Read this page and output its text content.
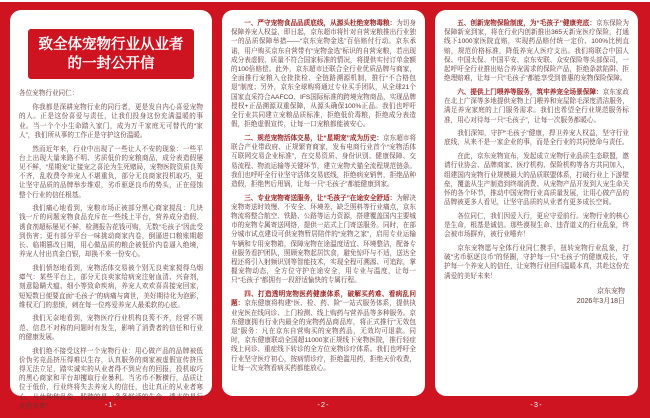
致全体宠物行业从业者
的一封公开信

各位宠物行业同仁：

你我都是深耕宠物行业的同行者，更是发自内心喜爱宠物的人。正是这份喜爱与责任，让我们投身这份充满温暖的事业。当一个个小生命踏入家门，成为万千家庭无可替代的“家人”，我们所从事的工作正是守护这份温暖。

然而近年来，行业中出现了一些让人不安的现象：一些平台上出现大量来路不明、劣质低价的宠粮商品，成分表造假屡见不鲜，“星期宠”让接宠之喜沦为生死赌局，宠物医院资质良莠不齐，乱收费令养宠人不堪重负，部分无良商家投机取巧，更让坚守品质的品牌举步维艰，劣币驱逐良币的势头，正在侵蚀整个行业的信任根基。

我们痛心地看到，宠粮市场正被部分黑心商家搅乱：几块钱一斤的问题宠物食品充斥在一些线上平台，营养成分造假、诱食剂超标屡见不鲜，检测报告花钱可购，无数“毛孩子”因此受到伤害；更有部分平台一味挑动商家内卷，倒逼进口粮账期超长、临期篡改日期，用心做品质的粮企被低价内卷逼入绝境，养宠人付出真金白银，却换不来一份安心。

我们愤怒地看到，宠物活体交易被个别无良卖家搅得乌烟瘴气：某些平台上，部分无良卖家给病宠注射血清、兴奋剂，刻意隐瞒犬瘟、细小等致命疾病，养宠人欢欢喜喜接宠回家，短短数日便要直面“毛孩子”的病痛与离世，美好期待化为泡影，维权无门的悲愤，刺在每一位疼爱养宠人最柔软的心底。

我们无奈地看到，宠物医疗行业机构良莠不齐，经营不规范、信息不对称的问题时有发生，影响了消费者的信任和行业的健康发展。

我们绝不接受这样一个宠物行业：用心做产品的品牌被低价伪劣竞品挤压得难以生存，认真服务的商家被虚假宣传挤压得无法立足，踏实诚实的从业者得不到应有的回报，投机取巧的黑心商家和平台却攫取行业暴利。当劣币不断横行，品质让位于低价，行业终将失去养宠人的信任，也让真正的从业者寒心。凡此种种乱象，践踏的是一条条鲜活的生命，透支的是行业的未来！

一、严守宠物食品品质底线，从源头杜绝宠物毒粮：为切身保障养宠人权益，即日起，京东超市将针对自营宠粮推出行业独一的品质保障举措——“京东宠物金选”百倍赔付行动。京东承诺，用户购买京东自营带有“宠物金选”标识的自营宠粮，若出现成分表虚假、质量不符合国家标准的情况，将提供实付订单金额的100倍赔偿。此外，京东超市还联合全行业优质品牌与商家，全面推行宠粮入仓批批检、全链路溯源机制，推行“不合格包退”制度；另外，京东全球购将通过专业买手团队，从全球21个国家直采符合AAFCO、IFS国际标准的跨境宠物商品，实现品牌授权+正品溯源双重保障，从源头确保100%正品。我们也呼吁全行业共同建立宠粮品质标准，拒绝低价毒粮，拒绝成分表造假，拒绝虚假宣传，让每一口宠粮都能被安心。

二、规范宠物活体交易，让“星期宠”成为历史：京东超市将联合产业带政府、正规繁育商家，发布电商行业首个“宠物活体互联网交易企业标准”，在交易资质、身份识别、健康保障、交易流程、物流运输等关键环节，建立宠物犬猫全流程规范链条。我们也呼吁全行业坚守活体交易底线，拒绝病宠销售，拒绝品种造假，拒绝售后甩锅，让每一只“毛孩子”都能健康到家。

三、专业宠物寄送服务，让“毛孩子”在途安全舒适：为解决宠物寄送时效慢、不安全、环境差、缺乏照料等行业痛点，京东物流将整合航空、铁路、公路等运力资源，搭建覆盖国内主要城市的宠物专属寄送网络，提供一站式上门寄送服务。同时，在部分城市试点建设可供宠物暂居陪伴的“宠物之家”，启用专业运输车辆和专用宠物箱，保障宠物在途温度适宜、环境整洁，配备专业服务看护团队，照顾宠物起居饮食，避免惊吓与不适，送达全程还将引入射频识别等智能技术，实现全程可溯源、可追踪，掌握宠物动态，全方位守护在途安全，用专业与温度，让每一只“毛孩子”都拥有一段舒适愉快的专属行程。

四、打造透明宠物医药健康体系，破解买药难、看病乱问题：京东健康将构建“医、检、药、险”一站式服务体系，提供执业宠医在线问诊、上门检测、线上购药与营养品等多种服务。京东健康拥有行业内最全的宠物药品商品库，将正式推行“无效包退”服务：凡在京东自营购买的宠物药品，无效均可退款。同时，京东健康联动全国超11000家正规线下宠物医院，推行轻症线上问诊、重症线下转诊的全方位宠物诊疗体系。我们也呼吁全行业坚守医疗初心，按病情诊疗，拒绝滥用药，拒绝天价收费，让每一次宠物看病买药都能放心。

五、创新宠物保险制度，为“毛孩子”健康兜底：京东保险为保障新宠到家，将在行业内创新推出365天新宠医疗保险，打通线下1000家医院直赔，实现药品赔付统一定价、100%比例直赔，规范价格标准，降低养宠人医疗支出。我们将联合中国人保、中国太保、中国平安、京东安联、众安保险等头部保司，一起呼吁全行业推出贴合养宠需求的保险产品，拒绝条款陷阱、拒绝理赔难，让每一只“毛孩子”都能享受到普惠的宠物保险保障。

六、提供上门喂养等服务，筑牢养宠全场景保障：京东家政在北上广深等多地提供宠物上门喂养和宠屋除毛深度清洁服务，满足养宠家庭的上门服务需求。我们也希望全行业规范服务标准，用心对待每一只“毛孩子”，让每一次服务都暖心。

我们深知，守护“毛孩子”健康，捍卫养宠人权益，坚守行业底线，从来不是一家企业的事，而是全行业的共同使命与责任。

在此，京东宠物宣布，发起成立宠物行业品质生态联盟，邀请行业协会、品牌商家、医疗机构、保险机构等各方共同加入，组建国内宠物行业规模最大的品质联盟体系，打破行业上下游壁垒，覆盖从生产制造到终端消费、从宠物产品开发到人宠生命关怀的各个环节，推动中国宠物行业高质量发展，让用心做产品的品牌被更多人看见，让坚守品质的从业者有更多成长空间。

各位同仁，我们因爱入行，更应守爱前行。宠物行业的核心是生命，根基是诚信。那些漠视生命、违背道义的行业乱象，终会被市场摒弃，被行业唾弃！

京东宠物愿与全体行业同仁携手，扭转宠物行业乱象，打破“劣币驱逐良币”的怪圈，守护每一只“毛孩子”的健康成长，守护每一个养宠人的信任，让宠物行业回归温暖本真，共赴这份充满爱的美好未来！

京东宠物
2026年3月18日
-1-	-2-	-3-
